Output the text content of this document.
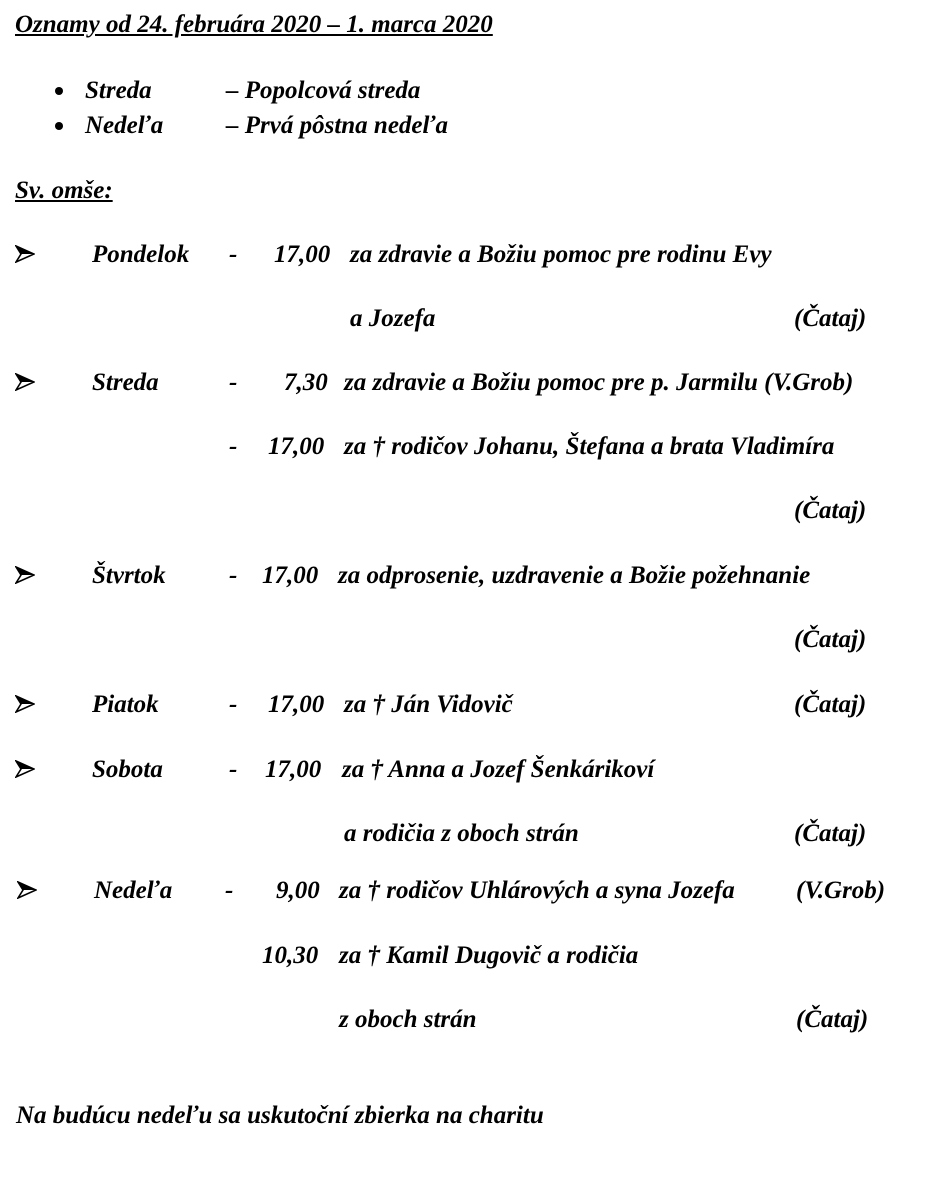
Oznamy od 24. februára 2020 – 1. marca 2020
Streda	– Popolcová streda
Nedeľa	– Prvá pôstna nedeľa
Sv. omše:
Pondelok - 17,00 za zdravie a Božiu pomoc pre rodinu Evy
a Jozefa	(Čataj)
Streda	- 7,30 za zdravie a Božiu pomoc pre p. Jarmilu (V.Grob)
- 17,00 za † rodičov Johanu, Štefana a brata Vladimíra
(Čataj)
Štvrtok	- 17,00 za odprosenie, uzdravenie a Božie požehnanie
(Čataj)
Piatok	- 17,00 za † Ján Vidovič	(Čataj)
Sobota	- 17,00 za † Anna a Jozef Šenkárikoví
a rodičia z oboch strán	(Čataj)
Nedeľa - 9,00 za † rodičov Uhlárových a syna Jozefa (V.Grob)
10,30 za † Kamil Dugovič a rodičia
z oboch strán	(Čataj)
Na budúcu nedeľu sa uskutoční zbierka na charitu
